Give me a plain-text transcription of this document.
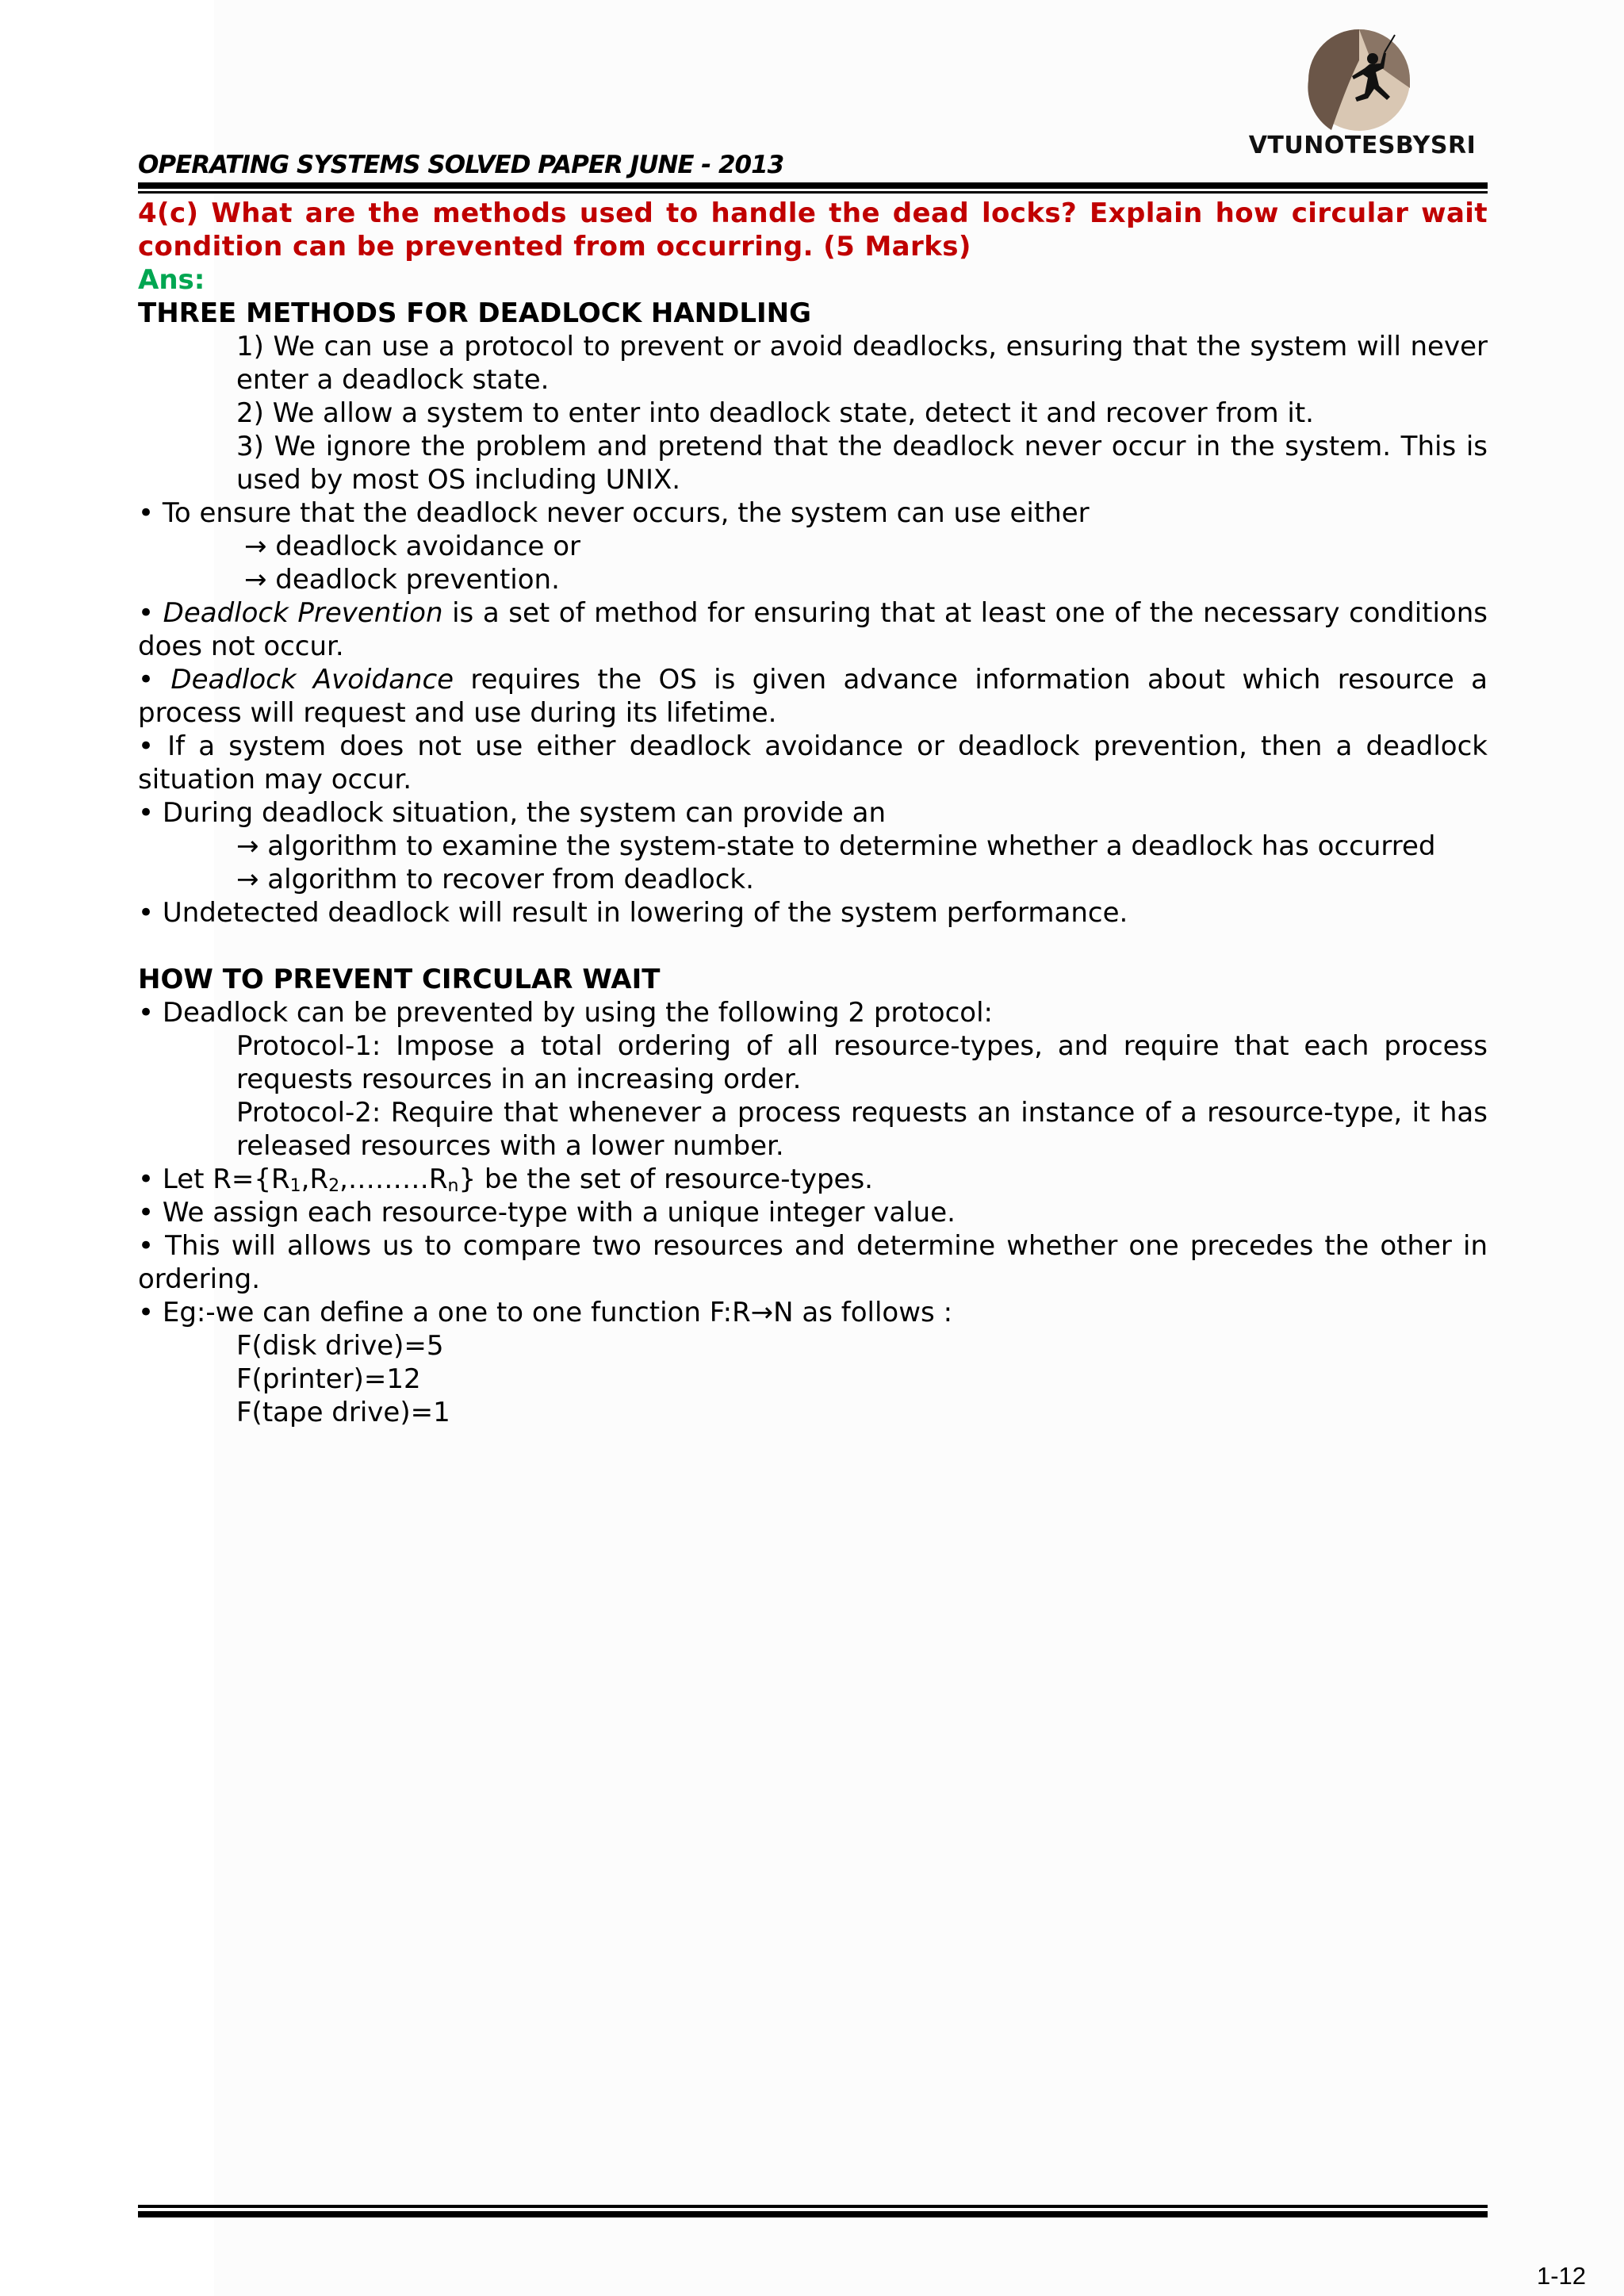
VTUNOTESBYSRI
OPERATING SYSTEMS SOLVED PAPER JUNE - 2013

4(c) What are the methods used to handle the dead locks? Explain how circular wait condition can be prevented from occurring. (5 Marks)

Ans:

THREE METHODS FOR DEADLOCK HANDLING

1) We can use a protocol to prevent or avoid deadlocks, ensuring that the system will never enter a deadlock state.

2) We allow a system to enter into deadlock state, detect it and recover from it.

3) We ignore the problem and pretend that the deadlock never occur in the system. This is used by most OS including UNIX.

• To ensure that the deadlock never occurs, the system can use either

→ deadlock avoidance or

→ deadlock prevention.

• Deadlock Prevention is a set of method for ensuring that at least one of the necessary conditions does not occur.

• Deadlock Avoidance requires the OS is given advance information about which resource a process will request and use during its lifetime.

• If a system does not use either deadlock avoidance or deadlock prevention, then a deadlock situation may occur.

• During deadlock situation, the system can provide an

→ algorithm to examine the system-state to determine whether a deadlock has occurred

→ algorithm to recover from deadlock.

• Undetected deadlock will result in lowering of the system performance.

HOW TO PREVENT CIRCULAR WAIT

• Deadlock can be prevented by using the following 2 protocol:

Protocol-1: Impose a total ordering of all resource-types, and require that each process requests resources in an increasing order.

Protocol-2: Require that whenever a process requests an instance of a resource-type, it has released resources with a lower number.

• Let $R=\{R_1,R_2,\dots\dots\dots R_n\}$ be the set of resource-types.

• We assign each resource-type with a unique integer value.

• This will allows us to compare two resources and determine whether one precedes the other in ordering.

• Eg:-we can define a one to one function F:R→N as follows :

F(disk drive)=5

F(printer)=12

F(tape drive)=1

1-12
